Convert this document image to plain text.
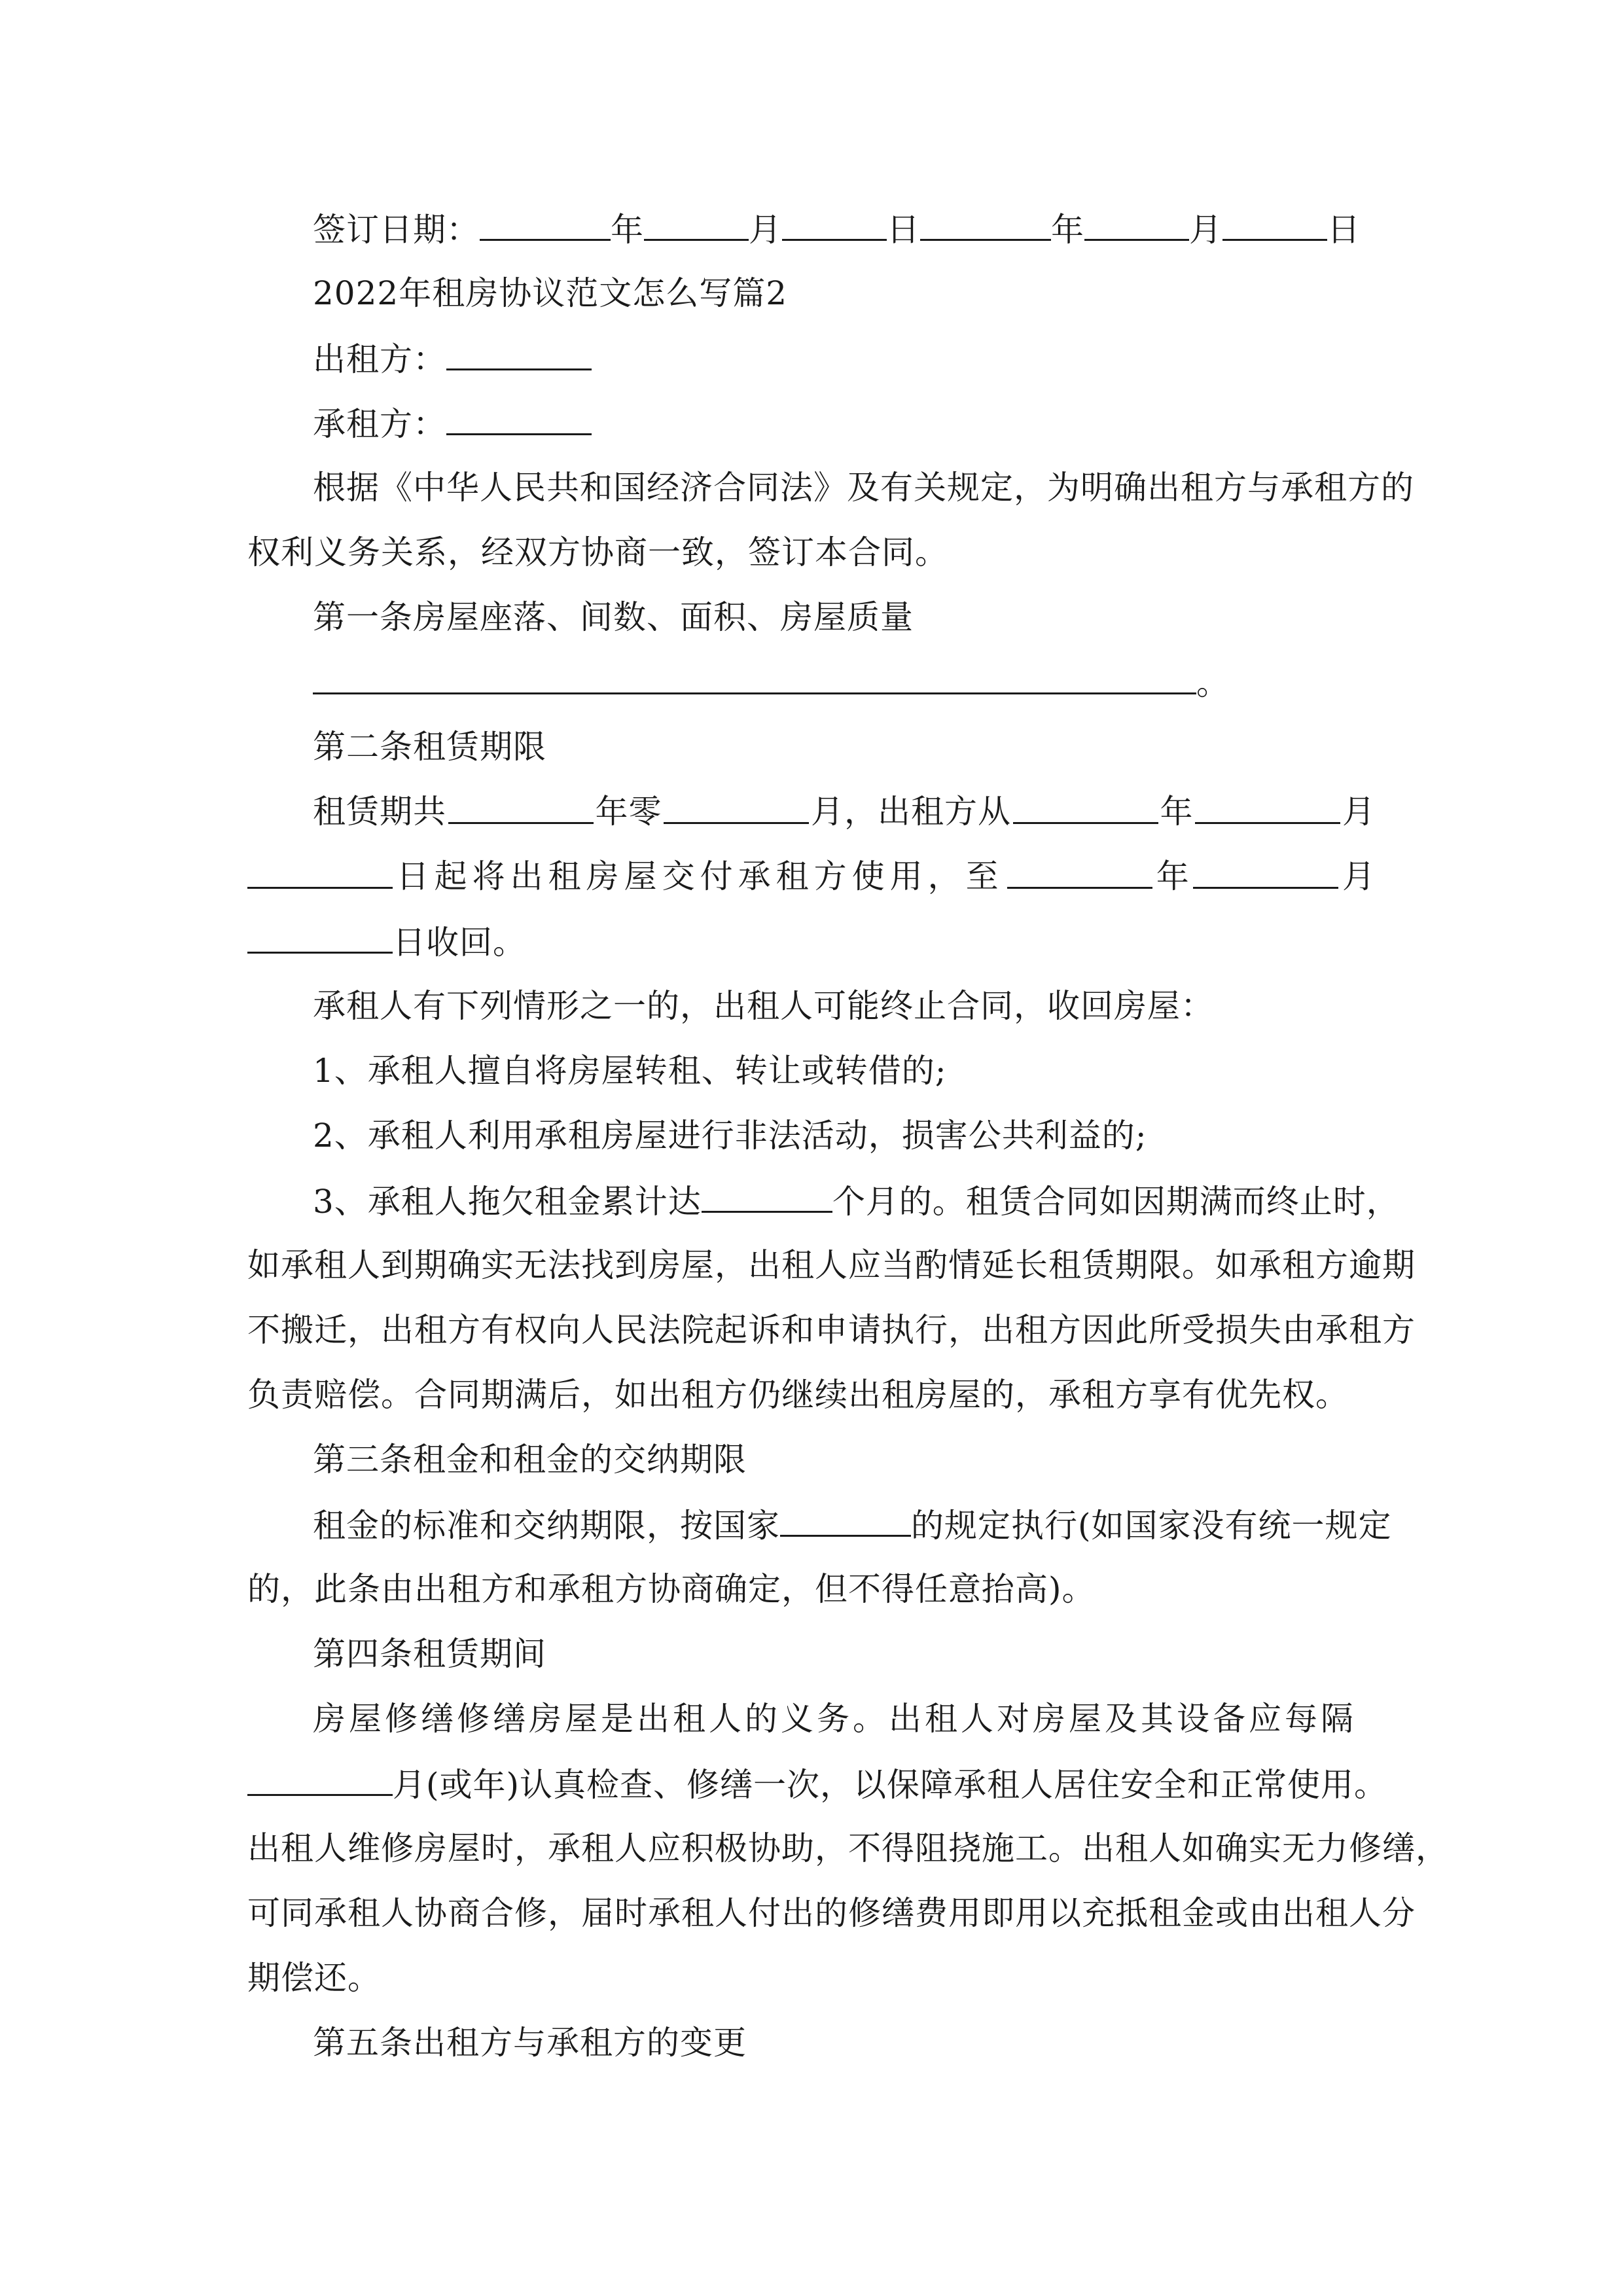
签订日期：	年	月	日	年	月	日
2022年租房协议范文怎么写篇2
出租方：
承租方：
根据《中华人民共和国经济合同法》及有关规定，为明确出租方与承租方的
权利义务关系，经双方协商一致，签订本合同。
第一条房屋座落、间数、面积、房屋质量
。
第二条租赁期限
租赁期共	年零	月，出租方从	年	月
日起将出租房屋交付承租方使用，至	年	月
日收回。
承租人有下列情形之一的，出租人可能终止合同，收回房屋：
1、承租人擅自将房屋转租、转让或转借的;
2、承租人利用承租房屋进行非法活动，损害公共利益的;
3、承租人拖欠租金累计达	个月的。租赁合同如因期满而终止时，
如承租人到期确实无法找到房屋，出租人应当酌情延长租赁期限。如承租方逾期
不搬迁，出租方有权向人民法院起诉和申请执行，出租方因此所受损失由承租方
负责赔偿。合同期满后，如出租方仍继续出租房屋的，承租方享有优先权。
第三条租金和租金的交纳期限
租金的标准和交纳期限，按国家	的规定执行(如国家没有统一规定
的，此条由出租方和承租方协商确定，但不得任意抬高)。
第四条租赁期间
房屋修缮修缮房屋是出租人的义务。出租人对房屋及其设备应每隔
月(或年)认真检查、修缮一次，以保障承租人居住安全和正常使用。
出租人维修房屋时，承租人应积极协助，不得阻挠施工。出租人如确实无力修缮，
可同承租人协商合修，届时承租人付出的修缮费用即用以充抵租金或由出租人分
期偿还。
第五条出租方与承租方的变更
